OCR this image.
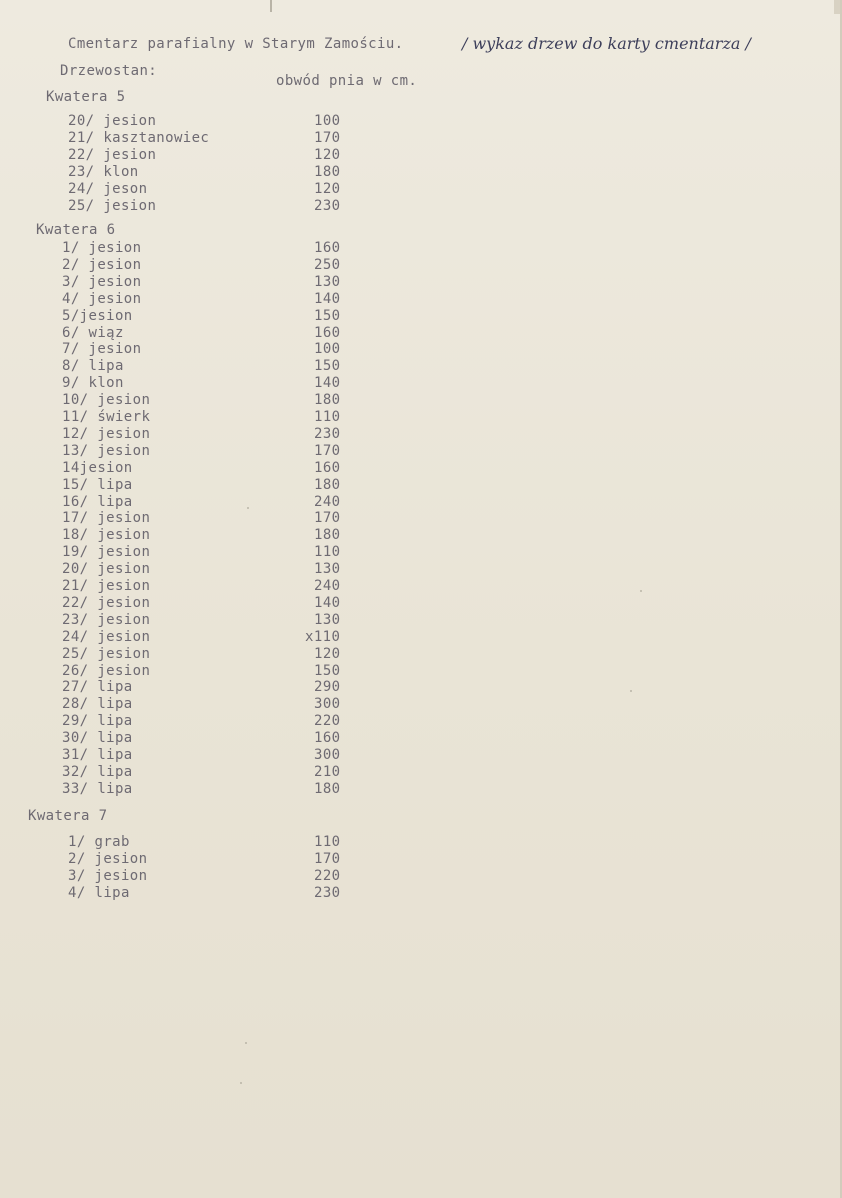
Cmentarz parafialny w Starym Zamościu.	/ wykaz drzew do karty cmentarza /
Drzewostan:
obwód pnia w cm.
Kwatera 5
20/ jesion	100
21/ kasztanowiec	170
22/ jesion	120
23/ klon	180
24/ jeson	120
25/ jesion	230
Kwatera 6
1/ jesion	160
2/ jesion	250
3/ jesion	130
4/ jesion	140
5/jesion	150
6/ wiąz	160
7/ jesion	100
8/ lipa	150
9/ klon	140
10/ jesion	180
11/ świerk	110
12/ jesion	230
13/ jesion	170
14jesion	160
15/ lipa	180
16/ lipa	240
17/ jesion	170
18/ jesion	180
19/ jesion	110
20/ jesion	130
21/ jesion	240
22/ jesion	140
23/ jesion	130
24/ jesion	x110
25/ jesion	120
26/ jesion	150
27/ lipa	290
28/ lipa	300
29/ lipa	220
30/ lipa	160
31/ lipa	300
32/ lipa	210
33/ lipa	180
Kwatera 7
1/ grab	110
2/ jesion	170
3/ jesion	220
4/ lipa	230
